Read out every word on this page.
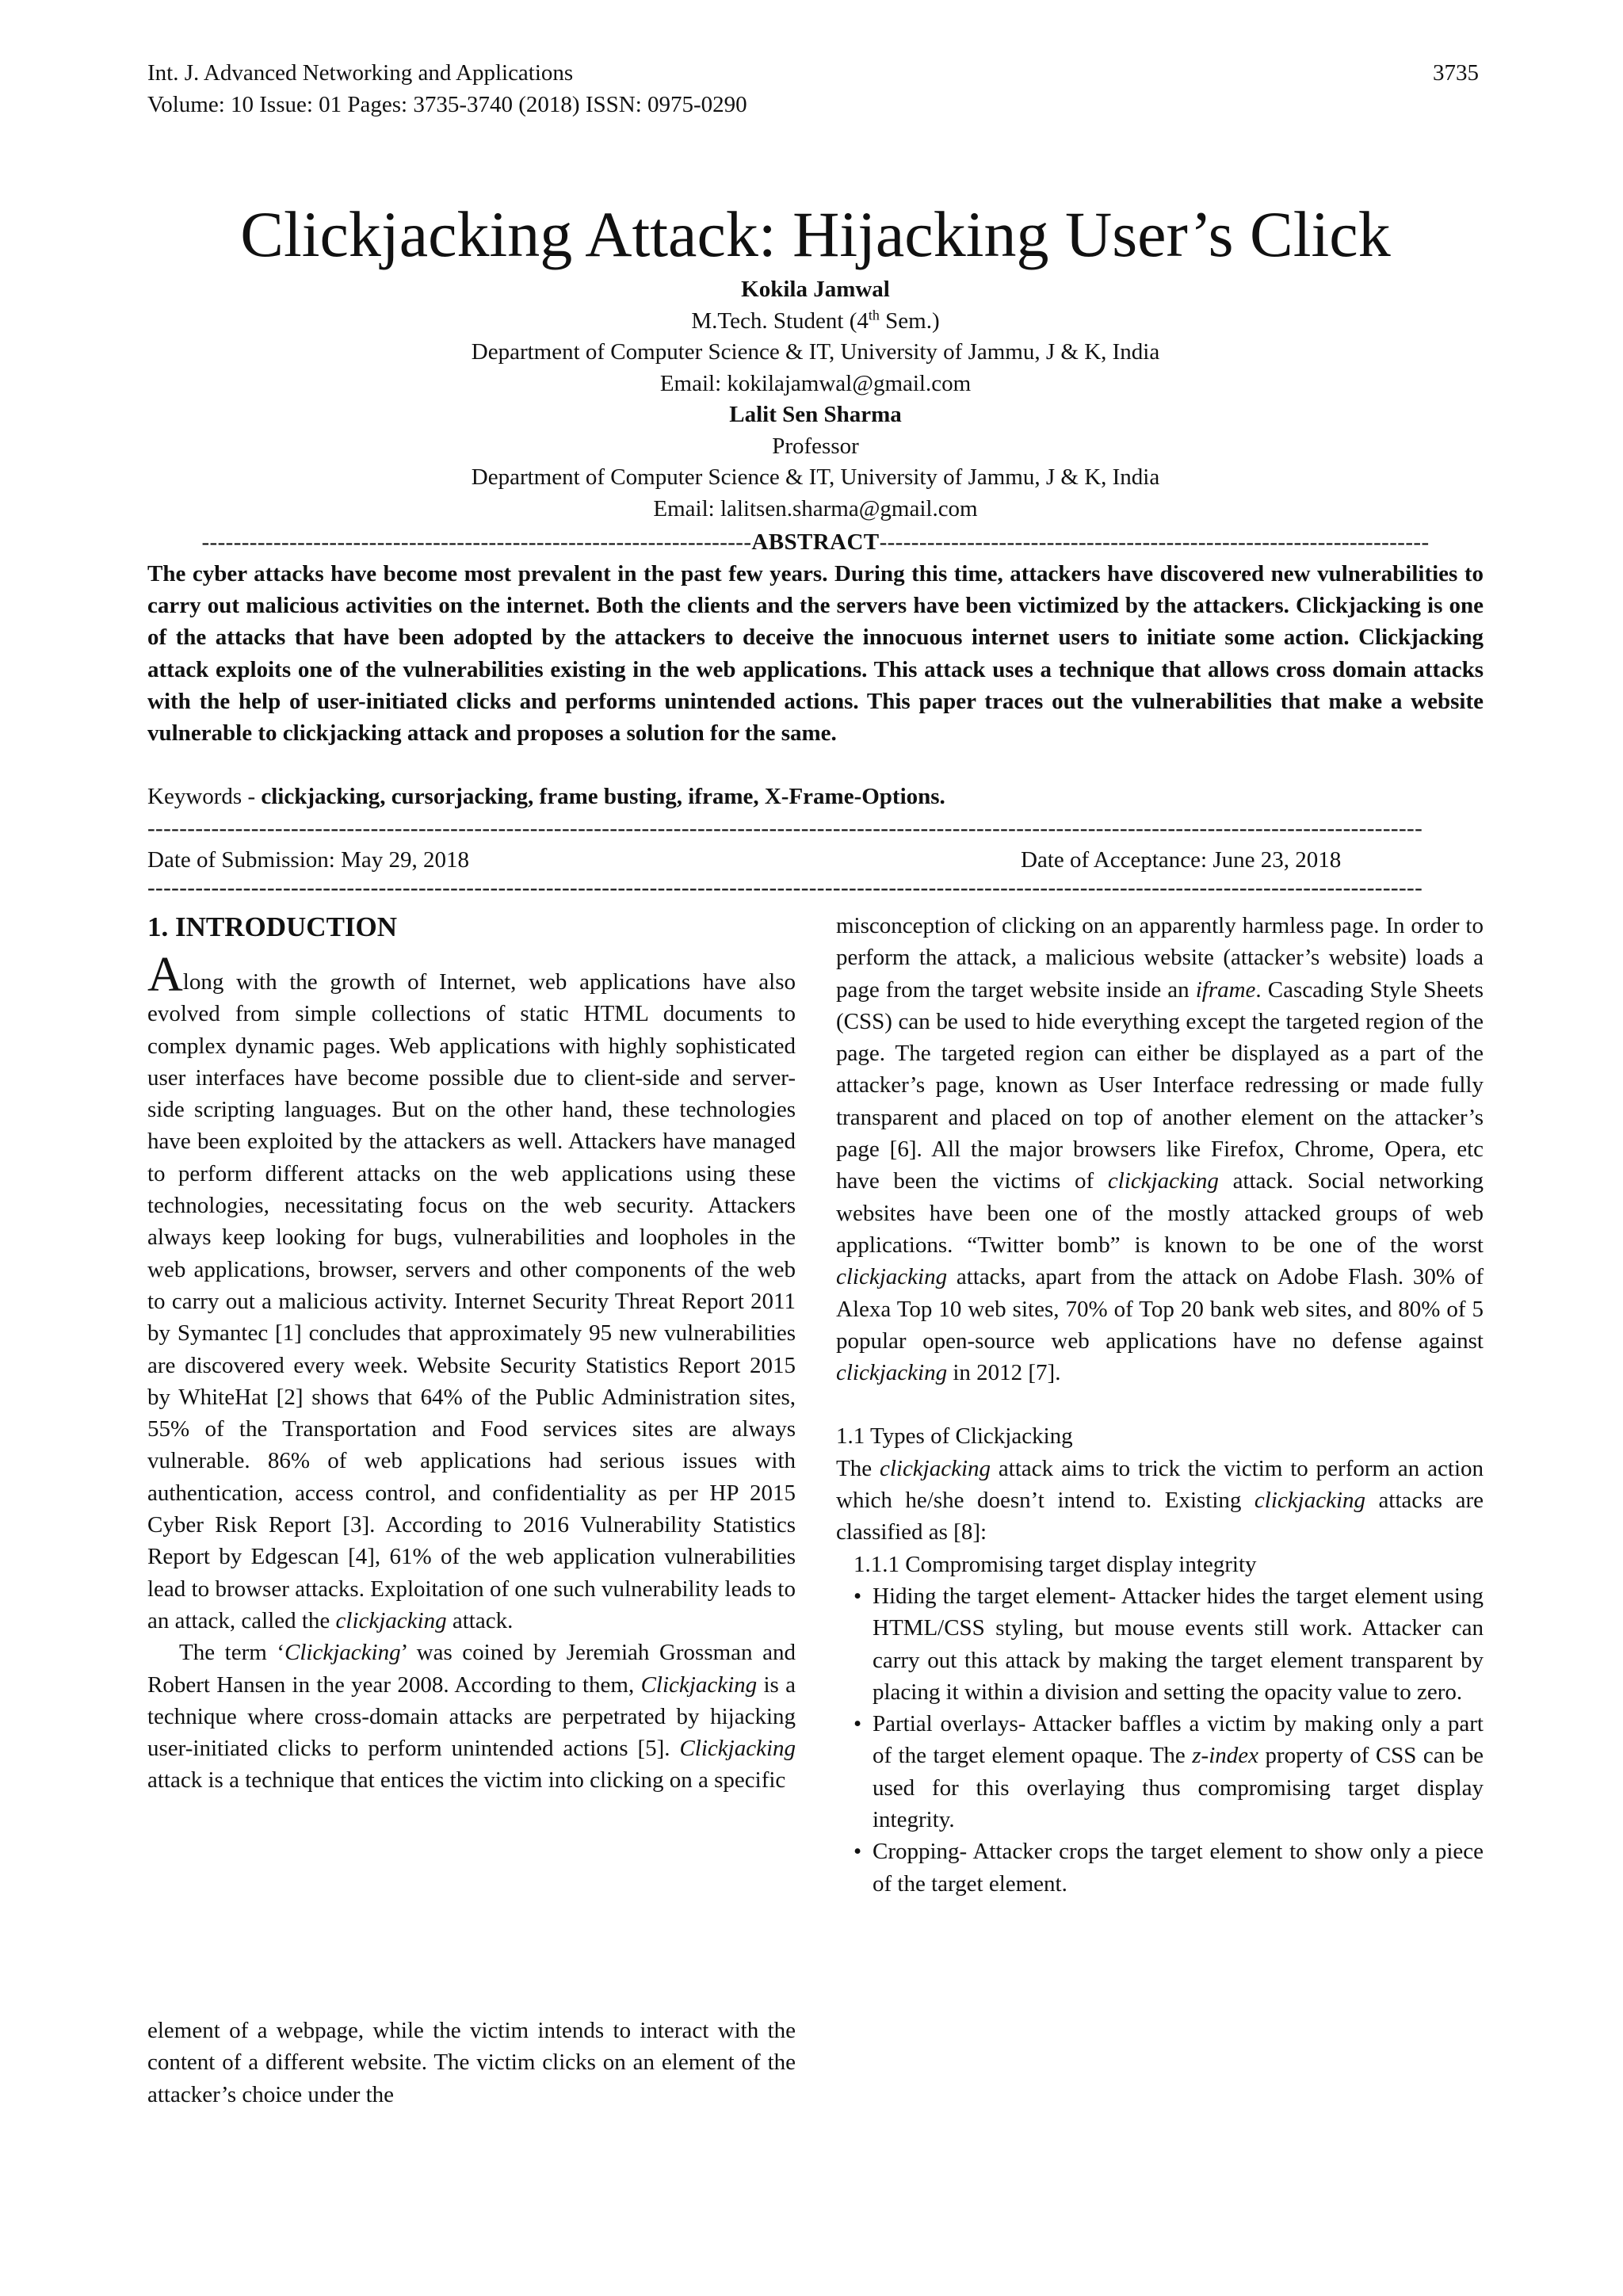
Int. J. Advanced Networking and Applications
Volume: 10 Issue: 01 Pages: 3735-3740 (2018) ISSN: 0975-0290
3735
Clickjacking Attack: Hijacking User’s Click
Kokila Jamwal
M.Tech. Student (4th Sem.)
Department of Computer Science & IT, University of Jammu, J & K, India
Email: kokilajamwal@gmail.com
Lalit Sen Sharma
Professor
Department of Computer Science & IT, University of Jammu, J & K, India
Email: lalitsen.sharma@gmail.com
---------------------------------------------------------------------ABSTRACT---------------------------------------------------------------------

The cyber attacks have become most prevalent in the past few years. During this time, attackers have discovered new vulnerabilities to carry out malicious activities on the internet. Both the clients and the servers have been victimized by the attackers. Clickjacking is one of the attacks that have been adopted by the attackers to deceive the innocuous internet users to initiate some action. Clickjacking attack exploits one of the vulnerabilities existing in the web applications. This attack uses a technique that allows cross domain attacks with the help of user-initiated clicks and performs unintended actions. This paper traces out the vulnerabilities that make a website vulnerable to clickjacking attack and proposes a solution for the same.

Keywords - clickjacking, cursorjacking, frame busting, iframe, X-Frame-Options.
----------------------------------------------------------------------------------------------------------------------------------------------------------------
Date of Submission: May 29, 2018	Date of Acceptance: June 23, 2018
----------------------------------------------------------------------------------------------------------------------------------------------------------------
1. INTRODUCTION

Along with the growth of Internet, web applications have also evolved from simple collections of static HTML documents to complex dynamic pages. Web applications with highly sophisticated user interfaces have become possible due to client-side and server-side scripting languages. But on the other hand, these technologies have been exploited by the attackers as well. Attackers have managed to perform different attacks on the web applications using these technologies, necessitating focus on the web security. Attackers always keep looking for bugs, vulnerabilities and loopholes in the web applications, browser, servers and other components of the web to carry out a malicious activity. Internet Security Threat Report 2011 by Symantec [1] concludes that approximately 95 new vulnerabilities are discovered every week. Website Security Statistics Report 2015 by WhiteHat [2] shows that 64% of the Public Administration sites, 55% of the Transportation and Food services sites are always vulnerable. 86% of web applications had serious issues with authentication, access control, and confidentiality as per HP 2015 Cyber Risk Report [3]. According to 2016 Vulnerability Statistics Report by Edgescan [4], 61% of the web application vulnerabilities lead to browser attacks. Exploitation of one such vulnerability leads to an attack, called the clickjacking attack.

The term ‘Clickjacking’ was coined by Jeremiah Grossman and Robert Hansen in the year 2008. According to them, Clickjacking is a technique where cross-domain attacks are perpetrated by hijacking user-initiated clicks to perform unintended actions [5]. Clickjacking attack is a technique that entices the victim into clicking on a specific

element of a webpage, while the victim intends to interact with the content of a different website. The victim clicks on an element of the attacker’s choice under the

misconception of clicking on an apparently harmless page. In order to perform the attack, a malicious website (attacker’s website) loads a page from the target website inside an iframe. Cascading Style Sheets (CSS) can be used to hide everything except the targeted region of the page. The targeted region can either be displayed as a part of the attacker’s page, known as User Interface redressing or made fully transparent and placed on top of another element on the attacker’s page [6]. All the major browsers like Firefox, Chrome, Opera, etc have been the victims of clickjacking attack. Social networking websites have been one of the mostly attacked groups of web applications. “Twitter bomb” is known to be one of the worst clickjacking attacks, apart from the attack on Adobe Flash. 30% of Alexa Top 10 web sites, 70% of Top 20 bank web sites, and 80% of 5 popular open-source web applications have no defense against clickjacking in 2012 [7].

1.1 Types of Clickjacking

The clickjacking attack aims to trick the victim to perform an action which he/she doesn’t intend to. Existing clickjacking attacks are classified as [8]:

1.1.1 Compromising target display integrity

• Hiding the target element- Attacker hides the target element using HTML/CSS styling, but mouse events still work. Attacker can carry out this attack by making the target element transparent by placing it within a division and setting the opacity value to zero.
• Partial overlays- Attacker baffles a victim by making only a part of the target element opaque. The z-index property of CSS can be used for this overlaying thus compromising target display integrity.
• Cropping- Attacker crops the target element to show only a piece of the target element.
